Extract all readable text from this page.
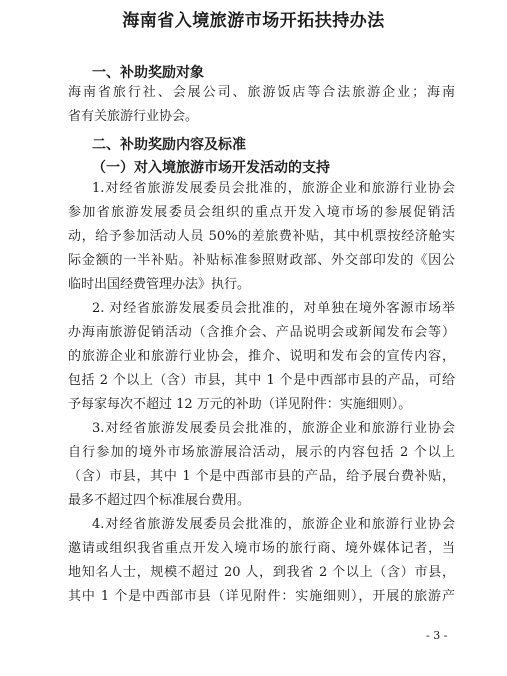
海南省入境旅游市场开拓扶持办法
一、补助奖励对象
海南省旅行社、会展公司、旅游饭店等合法旅游企业；海南
省有关旅游行业协会。
二、补助奖励内容及标准
（一）对入境旅游市场开发活动的支持
1.对经省旅游发展委员会批准的，旅游企业和旅游行业协会
参加省旅游发展委员会组织的重点开发入境市场的参展促销活
动，给予参加活动人员 50%的差旅费补贴，其中机票按经济舱实
际金额的一半补贴。补贴标准参照财政部、外交部印发的《因公
临时出国经费管理办法》执行。
2. 对经省旅游发展委员会批准的，对单独在境外客源市场举
办海南旅游促销活动（含推介会、产品说明会或新闻发布会等）
的旅游企业和旅游行业协会，推介、说明和发布会的宣传内容，
包括 2 个以上（含）市县，其中 1 个是中西部市县的产品，可给
予每家每次不超过 12 万元的补助（详见附件：实施细则）。
3.对经省旅游发展委员会批准的，旅游企业和旅游行业协会
自行参加的境外市场旅游展洽活动，展示的内容包括 2 个以上
（含）市县，其中 1 个是中西部市县的产品，给予展台费补贴，
最多不超过四个标准展台费用。
4.对经省旅游发展委员会批准的，旅游企业和旅游行业协会
邀请或组织我省重点开发入境市场的旅行商、境外媒体记者，当
地知名人士，规模不超过 20 人，到我省 2 个以上（含）市县，
其中 1 个是中西部市县（详见附件：实施细则），开展的旅游产
- 3 -
